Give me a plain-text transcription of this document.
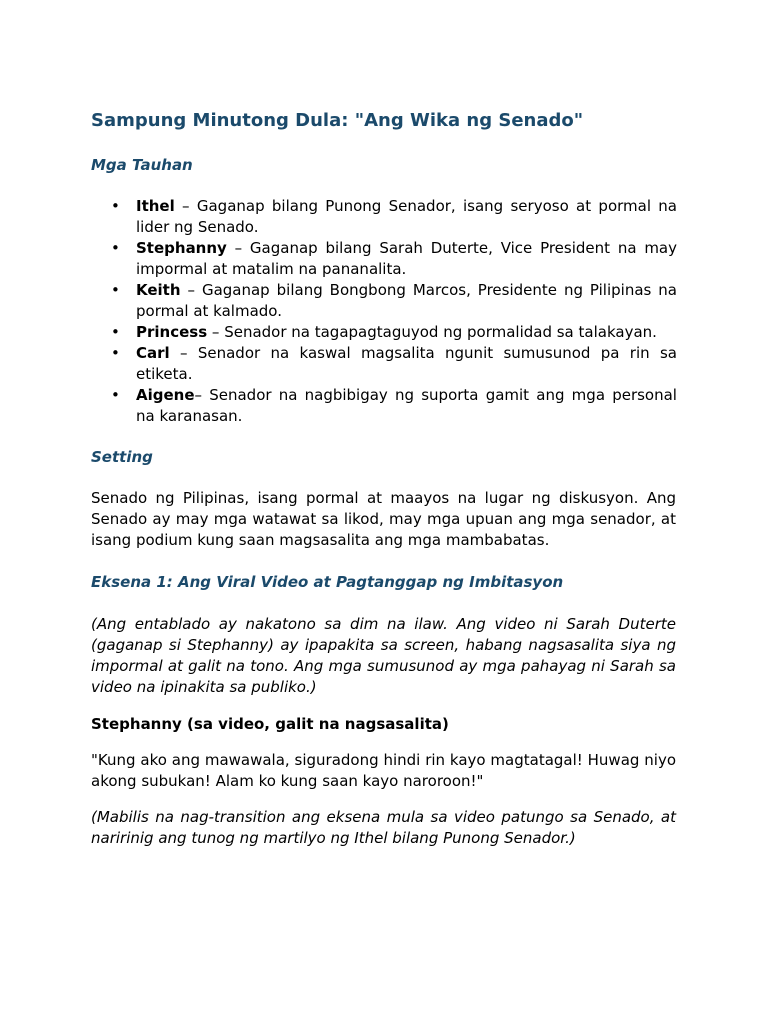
Sampung Minutong Dula: "Ang Wika ng Senado"
Mga Tauhan
• Ithel – Gaganap bilang Punong Senador, isang seryoso at pormal na lider ng Senado.
• Stephanny – Gaganap bilang Sarah Duterte, Vice President na may impormal at matalim na pananalita.
• Keith – Gaganap bilang Bongbong Marcos, Presidente ng Pilipinas na pormal at kalmado.
• Princess – Senador na tagapagtaguyod ng pormalidad sa talakayan.
• Carl – Senador na kaswal magsalita ngunit sumusunod pa rin sa etiketa.
• Aigene– Senador na nagbibigay ng suporta gamit ang mga personal na karanasan.
Setting

Senado ng Pilipinas, isang pormal at maayos na lugar ng diskusyon. Ang Senado ay may mga watawat sa likod, may mga upuan ang mga senador, at isang podium kung saan magsasalita ang mga mambabatas.

Eksena 1: Ang Viral Video at Pagtanggap ng Imbitasyon

(Ang entablado ay nakatono sa dim na ilaw. Ang video ni Sarah Duterte (gaganap si Stephanny) ay ipapakita sa screen, habang nagsasalita siya ng impormal at galit na tono. Ang mga sumusunod ay mga pahayag ni Sarah sa video na ipinakita sa publiko.)

Stephanny (sa video, galit na nagsasalita)

"Kung ako ang mawawala, siguradong hindi rin kayo magtatagal! Huwag niyo akong subukan! Alam ko kung saan kayo naroroon!"

(Mabilis na nag-transition ang eksena mula sa video patungo sa Senado, at naririnig ang tunog ng martilyo ng Ithel bilang Punong Senador.)
